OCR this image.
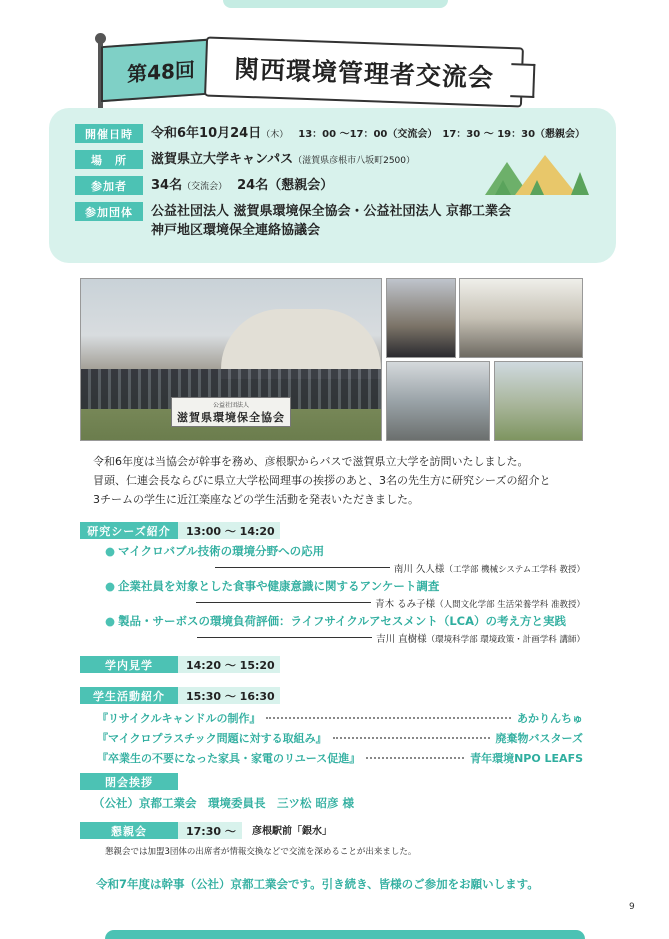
第48回 関西環境管理者交流会
開催日時	令和6年10月24日（木） 13：00 〜17：00（交流会）　17：30 〜 19：30（懇親会）
場　所	滋賀県立大学キャンパス（滋賀県彦根市八坂町2500）
参加者	34名（交流会） 24名（懇親会）
参加団体	公益社団法人 滋賀県環境保全協会・公益社団法人 京都工業会
神戸地区環境保全連絡協議会
公益社団法人
滋賀県環境保全協会
令和6年度は当協会が幹事を務め、彦根駅からバスで滋賀県立大学を訪問いたしました。
冒頭、仁連会長ならびに県立大学松岡理事の挨拶のあと、3名の先生方に研究シーズの紹介と
3チームの学生に近江楽座などの学生活動を発表いただきました。
研究シーズ紹介	13:00 〜 14:20
● マイクロバブル技術の環境分野への応用
南川 久人様（工学部 機械システム工学科 教授）
● 企業社員を対象とした食事や健康意識に関するアンケート調査
青木 るみ子様（人間文化学部 生活栄養学科 准教授）
● 製品・サーボスの環境負荷評価：ライフサイクルアセスメント（LCA）の考え方と実践
吉川 直樹様（環境科学部 環境政策・計画学科 講師）
学内見学	14:20 〜 15:20
学生活動紹介	15:30 〜 16:30
『リサイクルキャンドルの制作』	あかりんちゅ
『マイクロプラスチック問題に対する取組み』	廃棄物バスターズ
『卒業生の不要になった家具・家電のリユース促進』	青年環境NPO LEAFS
閉会挨拶
（公社）京都工業会　環境委員長　三ツ松 昭彦 様
懇親会	17:30 〜	彦根駅前「銀水」
懇親会では加盟3団体の出席者が情報交換などで交流を深めることが出来ました。
令和7年度は幹事（公社）京都工業会です。引き続き、皆様のご参加をお願いします。
9
